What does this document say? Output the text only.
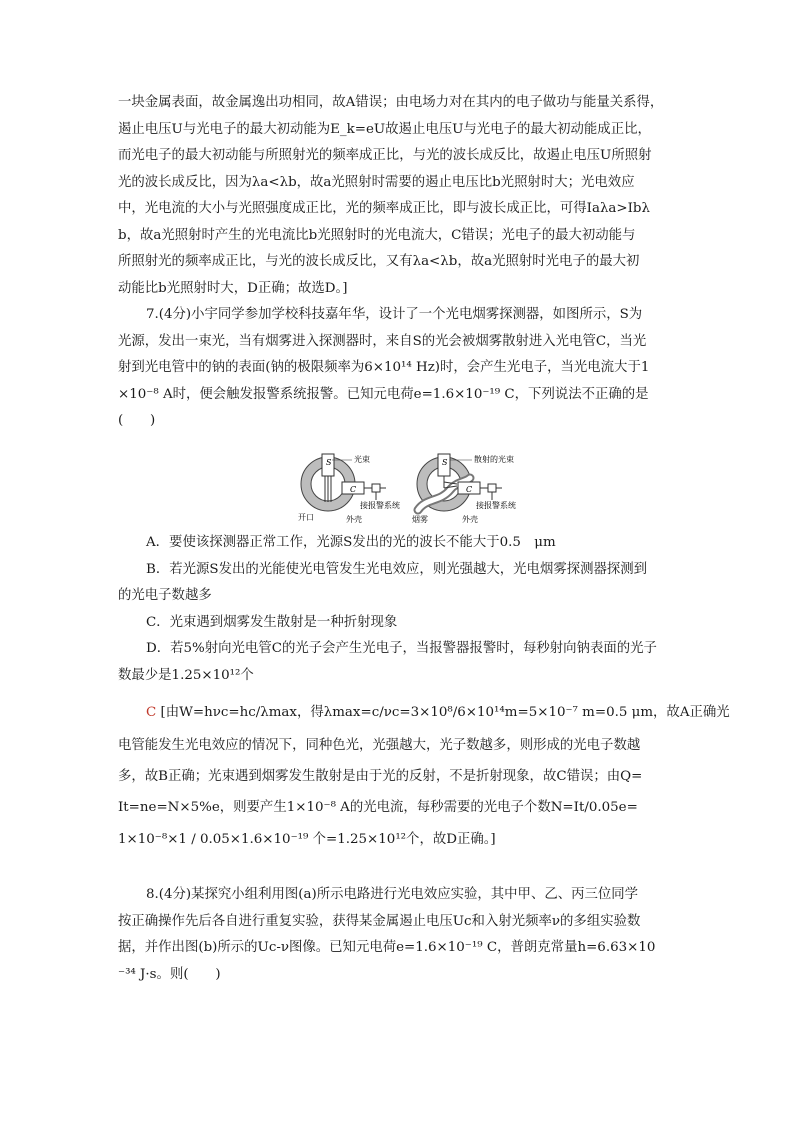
一块金属表面，故金属逸出功相同，故A错误；由电场力对在其内的电子做功与能量关系得，
遏止电压U与光电子的最大初动能为E_k=eU故遏止电压U与光电子的最大初动能成正比，
而光电子的最大初动能与所照射光的频率成正比，与光的波长成反比，故遏止电压U所照射
光的波长成反比，因为λa<λb，故a光照射时需要的遏止电压比b光照射时大；光电效应
中，光电流的大小与光照强度成正比，光的频率成正比，即与波长成正比，可得Iaλa>Ibλ
b，故a光照射时产生的光电流比b光照射时的光电流大，C错误；光电子的最大初动能与
所照射光的频率成正比，与光的波长成反比，又有λa<λb，故a光照射时光电子的最大初
动能比b光照射时大，D正确；故选D。]
7.(4分)小宇同学参加学校科技嘉年华，设计了一个光电烟雾探测器，如图所示，S为
光源，发出一束光，当有烟雾进入探测器时，来自S的光会被烟雾散射进入光电管C，当光
射到光电管中的钠的表面(钠的极限频率为6×10¹⁴ Hz)时，会产生光电子，当光电流大于1
×10⁻⁸ A时，便会触发报警系统报警。已知元电荷e=1.6×10⁻¹⁹ C，下列说法不正确的是
(　　)
S
C
光束
开口
接报警系统
外壳
S
C
散射的光束
烟雾
接报警系统
外壳
A．要使该探测器正常工作，光源S发出的光的波长不能大于0.5　μm
B．若光源S发出的光能使光电管发生光电效应，则光强越大，光电烟雾探测器探测到
的光电子数越多
C．光束遇到烟雾发生散射是一种折射现象
D．若5%射向光电管C的光子会产生光电子，当报警器报警时，每秒射向钠表面的光子
数最少是1.25×10¹²个
C [由W=hνc=hc/λmax，得λmax=c/νc=3×10⁸/6×10¹⁴m=5×10⁻⁷ m=0.5 μm，故A正确光
电管能发生光电效应的情况下，同种色光，光强越大，光子数越多，则形成的光电子数越
多，故B正确；光束遇到烟雾发生散射是由于光的反射，不是折射现象，故C错误；由Q=
It=ne=N×5%e，则要产生1×10⁻⁸ A的光电流，每秒需要的光电子个数N=It/0.05e=
1×10⁻⁸×1 / 0.05×1.6×10⁻¹⁹ 个=1.25×10¹²个，故D正确。]
8.(4分)某探究小组利用图(a)所示电路进行光电效应实验，其中甲、乙、丙三位同学
按正确操作先后各自进行重复实验，获得某金属遏止电压Uc和入射光频率ν的多组实验数
据，并作出图(b)所示的Uc-ν图像。已知元电荷e=1.6×10⁻¹⁹ C，普朗克常量h=6.63×10
⁻³⁴ J·s。则(　　)
